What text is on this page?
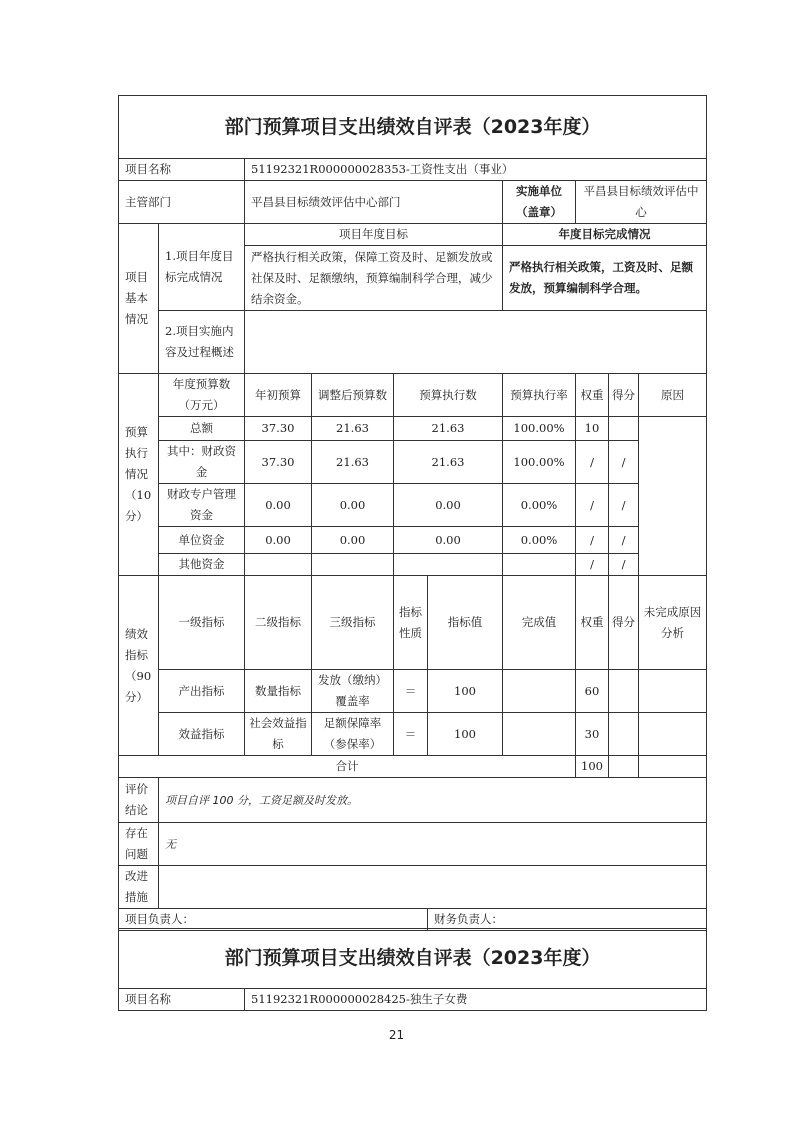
部门预算项目支出绩效自评表（2023年度）									
项目名称		51192321R000000028353-工资性支出（事业）							
主管部门		平昌县目标绩效评估中心部门				实施单位（盖章）	平昌县目标绩效评估中心		
项目基本情况	1.项目年度目标完成情况	项目年度目标				年度目标完成情况			
		严格执行相关政策，保障工资及时、足额发放或社保及时、足额缴纳，预算编制科学合理，减少结余资金。				严格执行相关政策，工资及时、足额发放，预算编制科学合理。			
	2.项目实施内容及过程概述								
预算执行情况（10分）	年度预算数（万元）	年初预算	调整后预算数	预算执行数		预算执行率	权重	得分	原因
	总额	37.30	21.63	21.63		100.00%	10		
	其中：财政资金	37.30	21.63	21.63		100.00%	/	/	
	财政专户管理资金	0.00	0.00	0.00		0.00%	/	/	
	单位资金	0.00	0.00	0.00		0.00%	/	/	
	其他资金						/	/	
绩效指标（90分）	一级指标	二级指标	三级指标	指标性质	指标值	完成值	权重	得分	未完成原因分析
	产出指标	数量指标	发放（缴纳）覆盖率	＝	100		60		
	效益指标	社会效益指标	足额保障率（参保率）	＝	100		30		
合计							100		
评价结论	项目自评 100 分，工资足额及时发放。								
存在问题	无								
改进措施									
项目负责人：					财务负责人：				
部门预算项目支出绩效自评表（2023年度）
项目名称	51192321R000000028425-独生子女费
21
